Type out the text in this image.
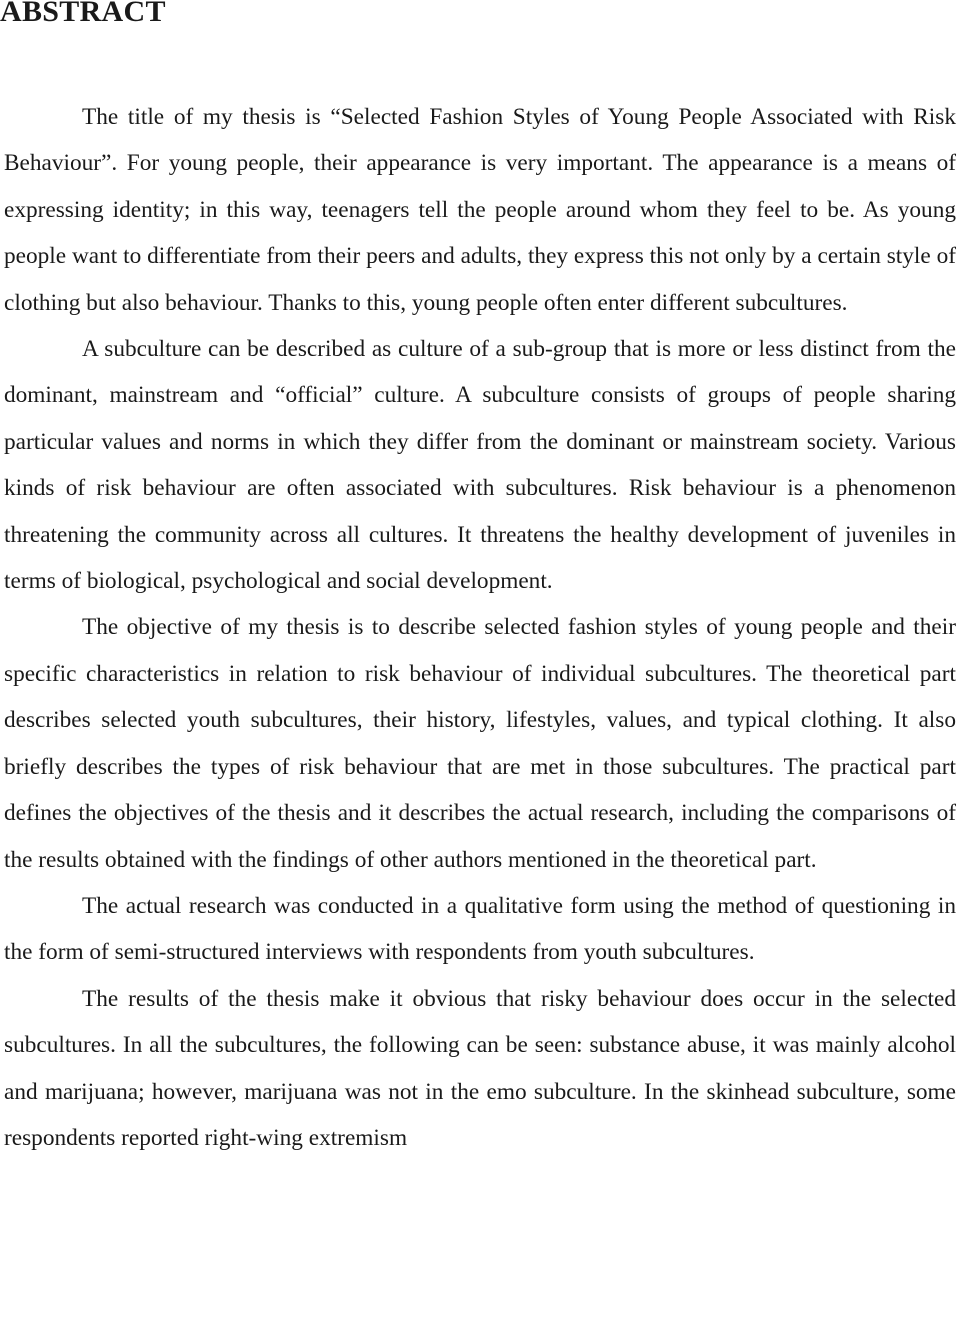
ABSTRACT

The title of my thesis is “Selected Fashion Styles of Young People Associated with Risk Behaviour”. For young people, their appearance is very important. The appearance is a means of expressing identity; in this way, teenagers tell the people around whom they feel to be. As young people want to differentiate from their peers and adults, they express this not only by a certain style of clothing but also behaviour. Thanks to this, young people often enter different subcultures.

A subculture can be described as culture of a sub-group that is more or less distinct from the dominant, mainstream and “official” culture. A subculture consists of groups of people sharing particular values and norms in which they differ from the dominant or mainstream society. Various kinds of risk behaviour are often associated with subcultures. Risk behaviour is a phenomenon threatening the community across all cultures. It threatens the healthy development of juveniles in terms of biological, psychological and social development.

The objective of my thesis is to describe selected fashion styles of young people and their specific characteristics in relation to risk behaviour of individual subcultures. The theoretical part describes selected youth subcultures, their history, lifestyles, values, and typical clothing. It also briefly describes the types of risk behaviour that are met in those subcultures. The practical part defines the objectives of the thesis and it describes the actual research, including the comparisons of the results obtained with the findings of other authors mentioned in the theoretical part.

The actual research was conducted in a qualitative form using the method of questioning in the form of semi-structured interviews with respondents from youth subcultures.

The results of the thesis make it obvious that risky behaviour does occur in the selected subcultures. In all the subcultures, the following can be seen: substance abuse, it was mainly alcohol and marijuana; however, marijuana was not in the emo subculture. In the skinhead subculture, some respondents reported right-wing extremism
